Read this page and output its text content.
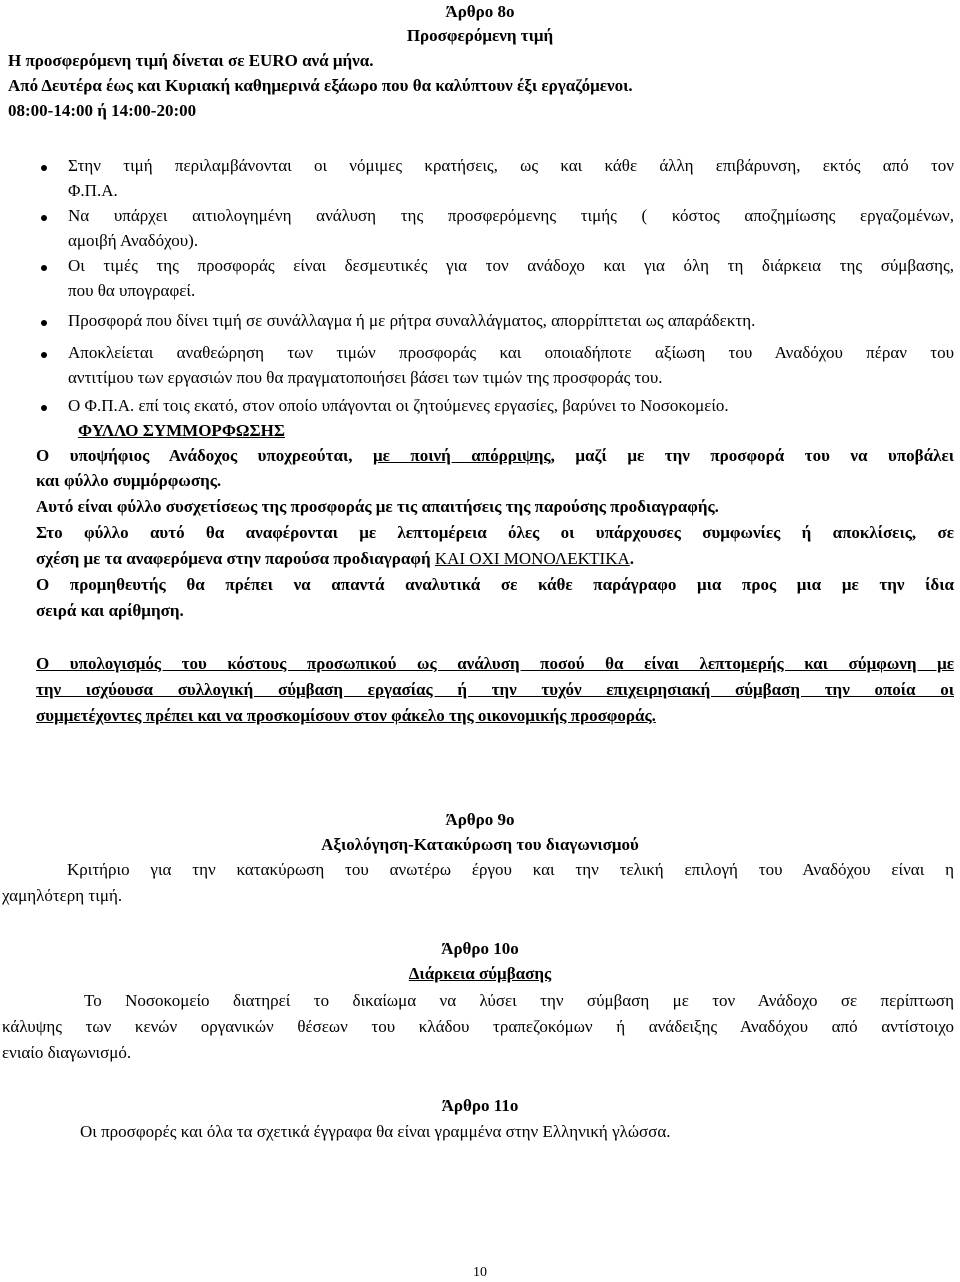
Άρθρο 8ο
Προσφερόμενη τιμή
Η προσφερόμενη τιμή δίνεται σε EURO ανά μήνα.
Από Δευτέρα έως και Κυριακή καθημερινά εξάωρο που θα καλύπτουν έξι εργαζόμενοι.
08:00-14:00 ή 14:00-20:00
Στην τιμή περιλαμβάνονται οι νόμιμες κρατήσεις, ως και κάθε άλλη επιβάρυνση, εκτός από τον
Φ.Π.Α.
Να υπάρχει αιτιολογημένη ανάλυση της προσφερόμενης τιμής ( κόστος αποζημίωσης εργαζομένων,
αμοιβή Αναδόχου).
Οι τιμές της προσφοράς είναι δεσμευτικές για τον ανάδοχο και για όλη τη διάρκεια της σύμβασης,
που θα υπογραφεί.
Προσφορά που δίνει τιμή σε συνάλλαγμα ή με ρήτρα συναλλάγματος, απορρίπτεται ως απαράδεκτη.
Αποκλείεται αναθεώρηση των τιμών προσφοράς και οποιαδήποτε αξίωση του Αναδόχου πέραν του
αντιτίμου των εργασιών που θα πραγματοποιήσει βάσει των τιμών της προσφοράς του.
Ο Φ.Π.Α. επί τοις εκατό, στον οποίο υπάγονται οι ζητούμενες εργασίες, βαρύνει το Νοσοκομείο.
ΦΥΛΛΟ ΣΥΜΜΟΡΦΩΣΗΣ
Ο υποψήφιος Ανάδοχος υποχρεούται, με ποινή απόρριψης, μαζί με την προσφορά του να υποβάλει
και φύλλο συμμόρφωσης.
Αυτό είναι φύλλο συσχετίσεως της προσφοράς με τις απαιτήσεις της παρούσης προδιαγραφής.
Στο φύλλο αυτό θα αναφέρονται με λεπτομέρεια όλες οι υπάρχουσες συμφωνίες ή αποκλίσεις, σε
σχέση με τα αναφερόμενα στην παρούσα προδιαγραφή ΚΑΙ ΟΧΙ ΜΟΝΟΛΕΚΤΙΚΑ.
Ο προμηθευτής θα πρέπει να απαντά αναλυτικά σε κάθε παράγραφο μια προς μια με την ίδια
σειρά και αρίθμηση.
Ο υπολογισμός του κόστους προσωπικού ως ανάλυση ποσού θα είναι λεπτομερής και σύμφωνη με
την ισχύουσα συλλογική σύμβαση εργασίας ή την τυχόν επιχειρησιακή σύμβαση την οποία οι
συμμετέχοντες πρέπει και να προσκομίσουν στον φάκελο της οικονομικής προσφοράς.
Άρθρο 9ο
Αξιολόγηση-Κατακύρωση του διαγωνισμού
Κριτήριο για την κατακύρωση του ανωτέρω έργου και την τελική επιλογή του Αναδόχου είναι η
χαμηλότερη τιμή.
Άρθρο 10ο
Διάρκεια σύμβασης
Το Νοσοκομείο διατηρεί το δικαίωμα να λύσει την σύμβαση με τον Ανάδοχο σε περίπτωση
κάλυψης των κενών οργανικών θέσεων του κλάδου τραπεζοκόμων ή ανάδειξης Αναδόχου από αντίστοιχο
ενιαίο διαγωνισμό.
Άρθρο 11ο
Οι προσφορές και όλα τα σχετικά έγγραφα θα είναι γραμμένα στην Ελληνική γλώσσα.
10
